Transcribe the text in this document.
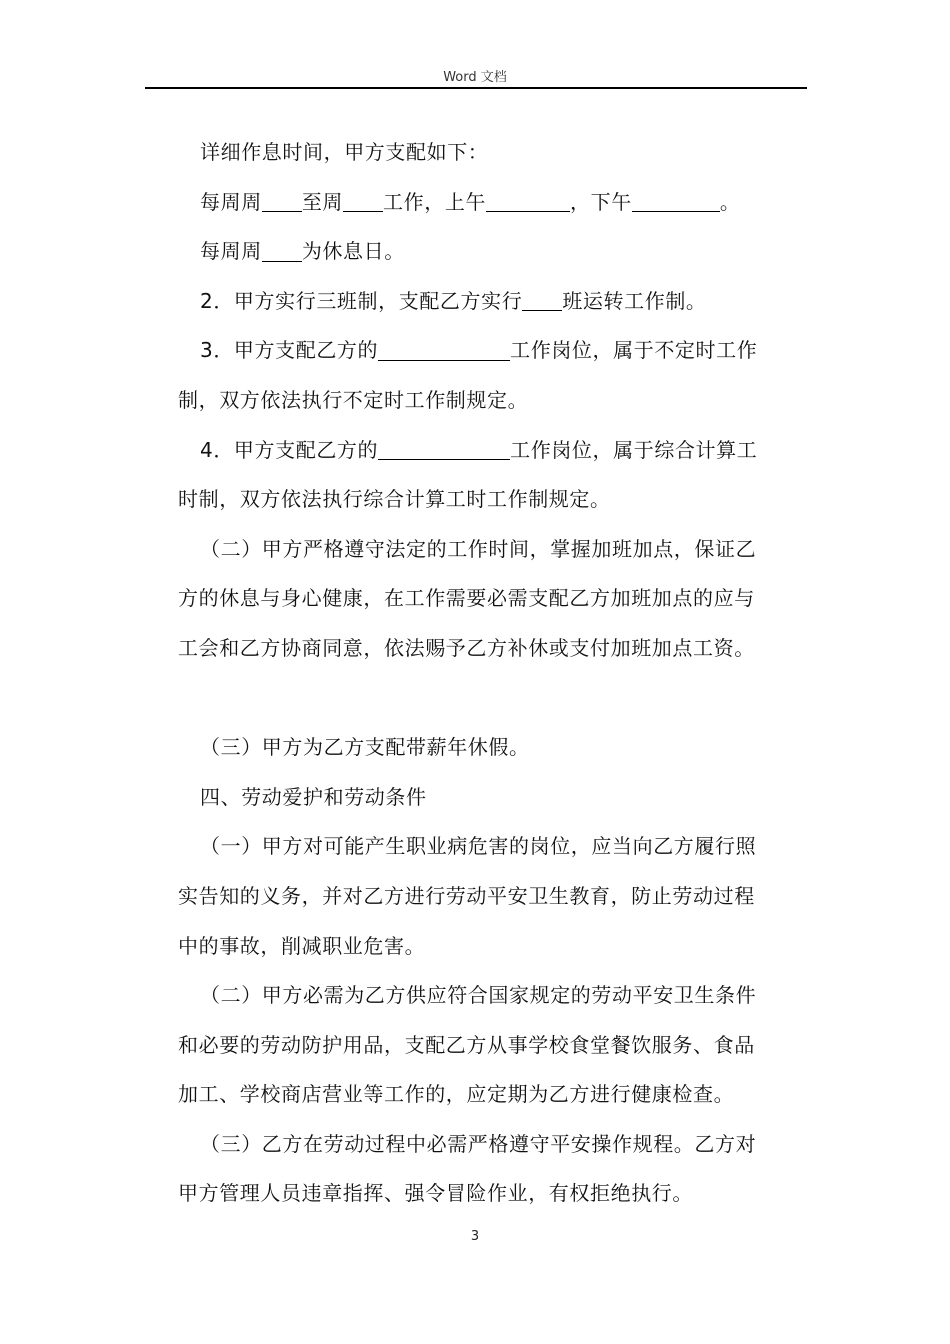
Word 文档
详细作息时间，甲方支配如下：
每周周 至周 工作，上午	，下午	。
每周周 为休息日。
2．甲方实行三班制，支配乙方实行 班运转工作制。
3．甲方支配乙方的	工作岗位，属于不定时工作
制，双方依法执行不定时工作制规定。
4．甲方支配乙方的	工作岗位，属于综合计算工
时制，双方依法执行综合计算工时工作制规定。
（二）甲方严格遵守法定的工作时间，掌握加班加点，保证乙
方的休息与身心健康，在工作需要必需支配乙方加班加点的应与
工会和乙方协商同意，依法赐予乙方补休或支付加班加点工资。
（三）甲方为乙方支配带薪年休假。
四、劳动爱护和劳动条件
（一）甲方对可能产生职业病危害的岗位，应当向乙方履行照
实告知的义务，并对乙方进行劳动平安卫生教育，防止劳动过程
中的事故，削减职业危害。
（二）甲方必需为乙方供应符合国家规定的劳动平安卫生条件
和必要的劳动防护用品，支配乙方从事学校食堂餐饮服务、食品
加工、学校商店营业等工作的，应定期为乙方进行健康检查。
（三）乙方在劳动过程中必需严格遵守平安操作规程。乙方对
甲方管理人员违章指挥、强令冒险作业，有权拒绝执行。
3
